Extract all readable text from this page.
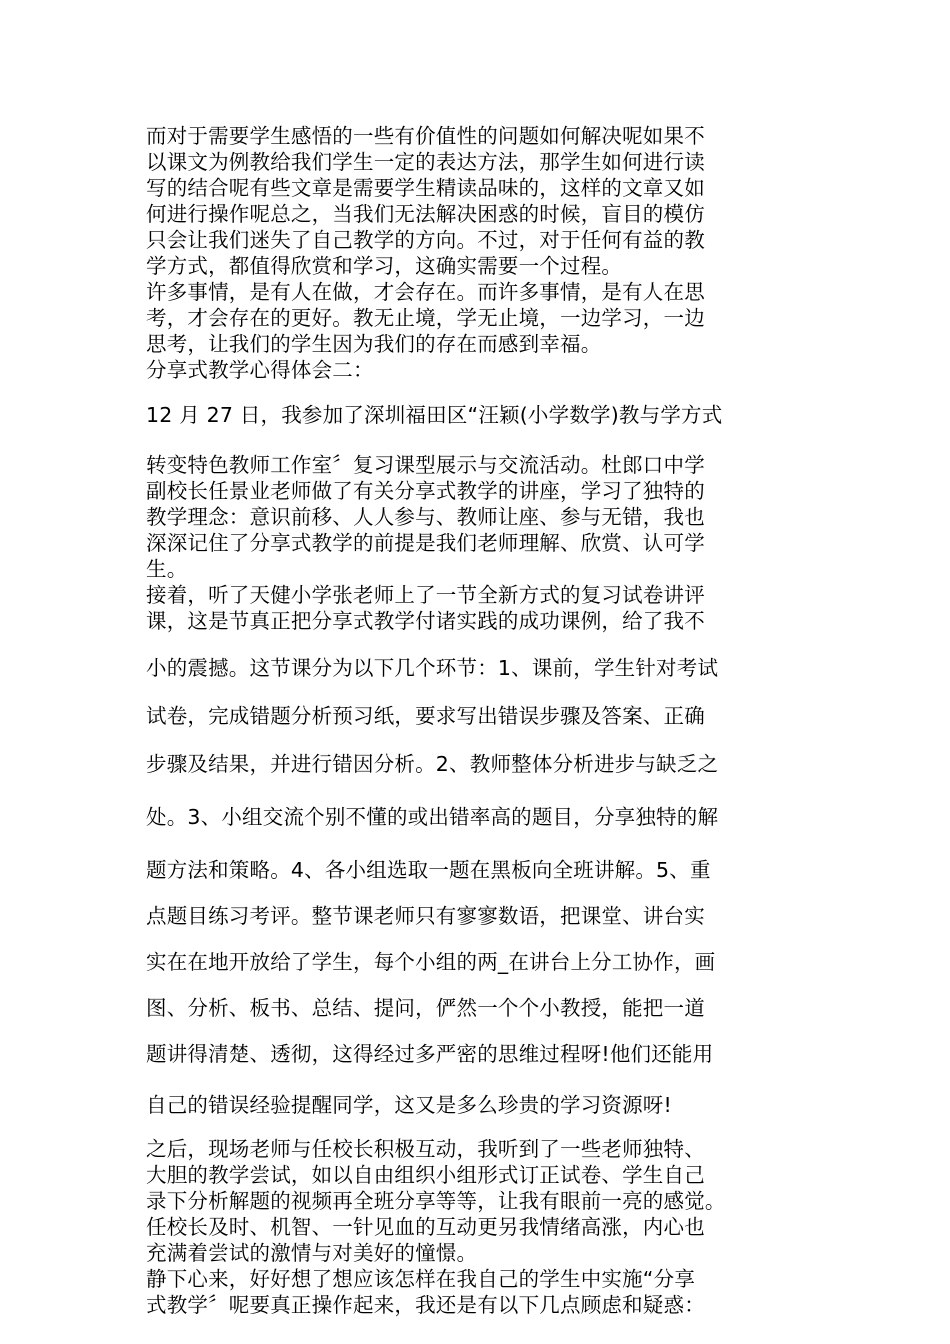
而对于需要学生感悟的一些有价值性的问题如何解决呢如果不

以课文为例教给我们学生一定的表达方法，那学生如何进行读

写的结合呢有些文章是需要学生精读品味的，这样的文章又如

何进行操作呢总之，当我们无法解决困惑的时候，盲目的模仿

只会让我们迷失了自己教学的方向。不过，对于任何有益的教

学方式，都值得欣赏和学习，这确实需要一个过程。

许多事情，是有人在做，才会存在。而许多事情，是有人在思

考，才会存在的更好。教无止境，学无止境，一边学习，一边

思考，让我们的学生因为我们的存在而感到幸福。

分享式教学心得体会二：

12 月 27 日，我参加了深圳福田区“汪颖(小学数学)教与学方式

转变特色教师工作室〞复习课型展示与交流活动。杜郎口中学

副校长任景业老师做了有关分享式教学的讲座，学习了独特的

教学理念：意识前移、人人参与、教师让座、参与无错，我也

深深记住了分享式教学的前提是我们老师理解、欣赏、认可学

生。

接着，听了天健小学张老师上了一节全新方式的复习试卷讲评

课，这是节真正把分享式教学付诸实践的成功课例，给了我不

小的震撼。这节课分为以下几个环节：1、课前，学生针对考试

试卷，完成错题分析预习纸，要求写出错误步骤及答案、正确

步骤及结果，并进行错因分析。2、教师整体分析进步与缺乏之

处。3、小组交流个别不懂的或出错率高的题目，分享独特的解

题方法和策略。4、各小组选取一题在黑板向全班讲解。5、重

点题目练习考评。整节课老师只有寥寥数语，把课堂、讲台实

实在在地开放给了学生，每个小组的两_在讲台上分工协作，画

图、分析、板书、总结、提问，俨然一个个小教授，能把一道

题讲得清楚、透彻，这得经过多严密的思维过程呀!他们还能用

自己的错误经验提醒同学，这又是多么珍贵的学习资源呀!

之后，现场老师与任校长积极互动，我听到了一些老师独特、

大胆的教学尝试，如以自由组织小组形式订正试卷、学生自己

录下分析解题的视频再全班分享等等，让我有眼前一亮的感觉。

任校长及时、机智、一针见血的互动更另我情绪高涨，内心也

充满着尝试的激情与对美好的憧憬。

静下心来，好好想了想应该怎样在我自己的学生中实施“分享

式教学〞呢要真正操作起来，我还是有以下几点顾虑和疑惑：
